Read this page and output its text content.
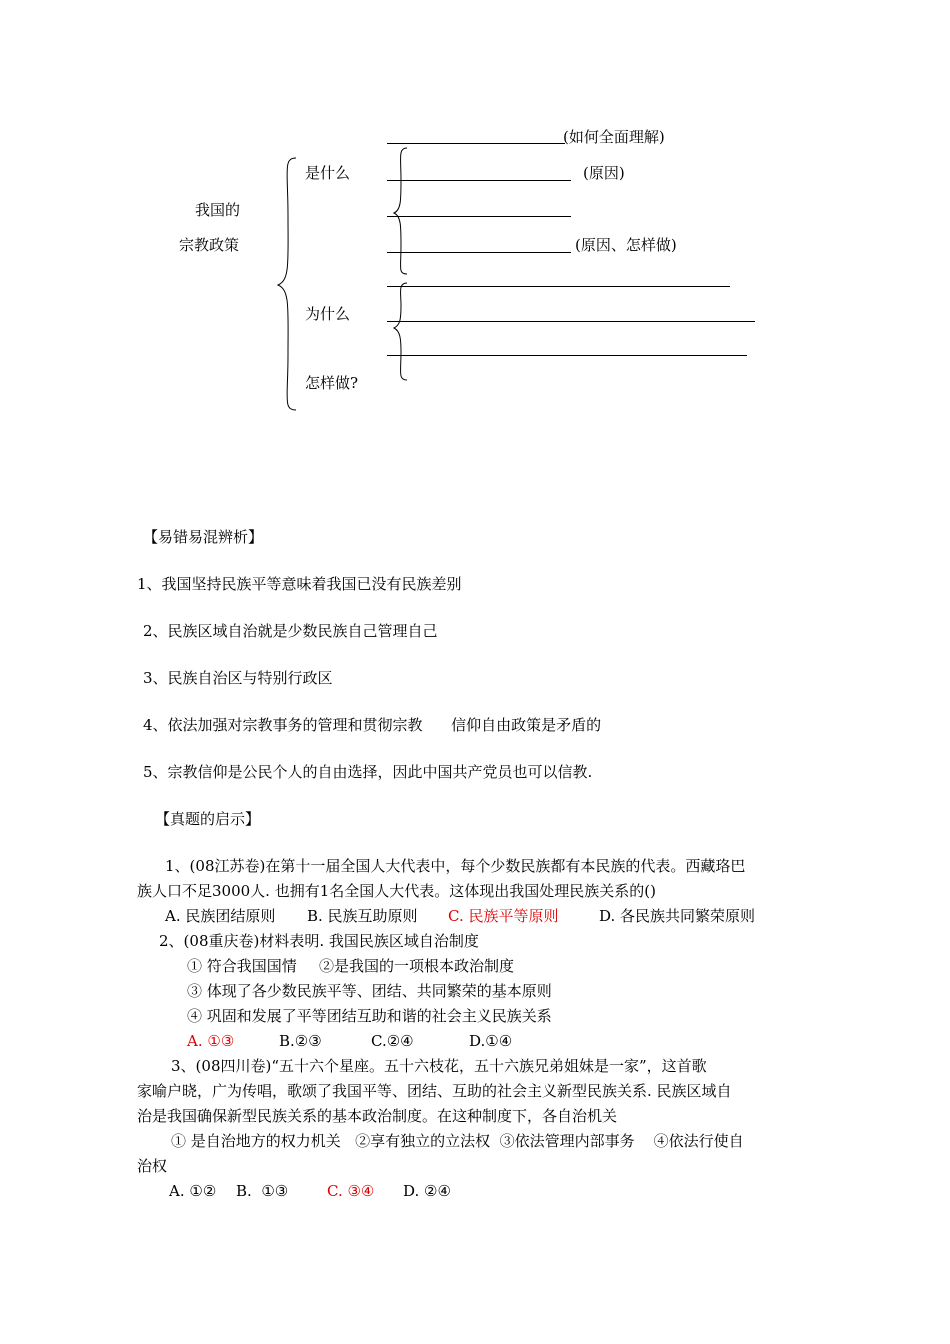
我国的
宗教政策
是什么
为什么
怎样做?
(如何全面理解)
(原因)
(原因、怎样做)
【易错易混辨析】
1、我国坚持民族平等意味着我国已没有民族差别
2、民族区域自治就是少数民族自己管理自己
3、民族自治区与特别行政区
4、依法加强对宗教事务的管理和贯彻宗教      信仰自由政策是矛盾的
5、宗教信仰是公民个人的自由选择，因此中国共产党员也可以信教.
【真题的启示】
1、(08江苏卷)在第十一届全国人大代表中，每个少数民族都有本民族的代表。西藏珞巴
族人口不足3000人. 也拥有1名全国人大代表。这体现出我国处理民族关系的()
A. 民族团结原则 B. 民族互助原则 C. 民族平等原则	D. 各民族共同繁荣原则
2、(08重庆卷)材料表明. 我国民族区域自治制度
① 符合我国国情 ②是我国的一项根本政治制度
③ 体现了各少数民族平等、团结、共同繁荣的基本原则
④ 巩固和发展了平等团结互助和谐的社会主义民族关系
A. ①③	B.②③	C.②④	D.①④
3、(08四川卷)“五十六个星座。五十六枝花，五十六族兄弟姐妹是一家”，这首歌
家喻户晓，广为传唱，歌颂了我国平等、团结、互助的社会主义新型民族关系. 民族区域自
治是我国确保新型民族关系的基本政治制度。在这种制度下，各自治机关
① 是自治地方的权力机关   ②享有独立的立法权  ③依法管理内部事务    ④依法行使自
治权
A. ①② B.  ①③	C. ③④ D. ②④
